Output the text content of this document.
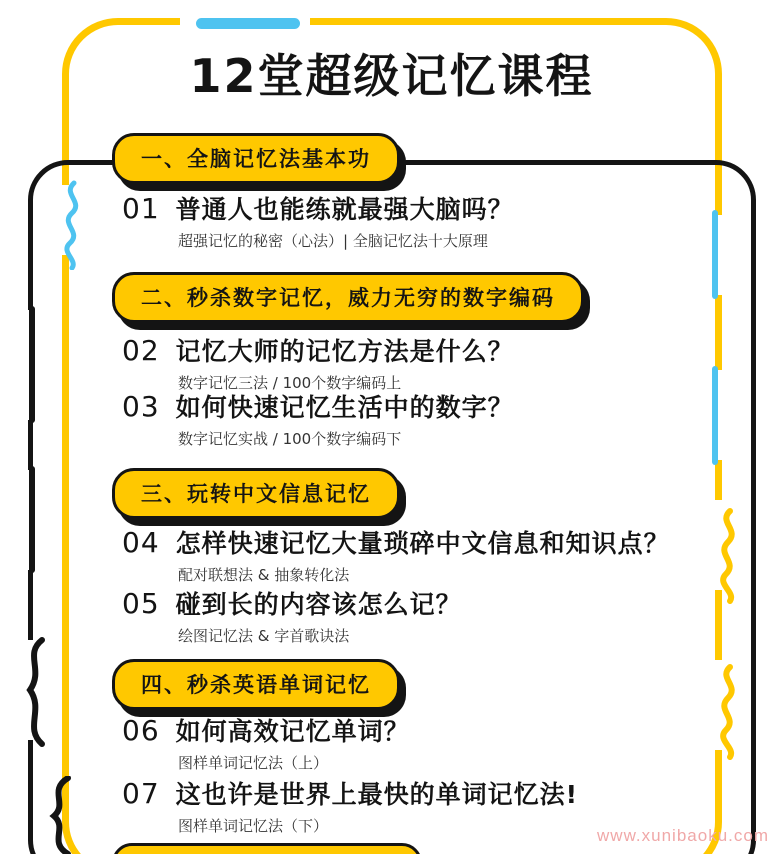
12堂超级记忆课程
一、全脑记忆法基本功
01 普通人也能练就最强大脑吗？
超强记忆的秘密（心法）| 全脑记忆法十大原理
二、秒杀数字记忆，威力无穷的数字编码
02 记忆大师的记忆方法是什么？
数字记忆三法 / 100个数字编码上
03 如何快速记忆生活中的数字？
数字记忆实战 / 100个数字编码下
三、玩转中文信息记忆
04 怎样快速记忆大量琐碎中文信息和知识点？
配对联想法 & 抽象转化法
05 碰到长的内容该怎么记？
绘图记忆法 & 字首歌诀法
四、秒杀英语单词记忆
06 如何高效记忆单词？
图样单词记忆法（上）
07 这也许是世界上最快的单词记忆法!
图样单词记忆法（下）	www.xunibaoku.com
